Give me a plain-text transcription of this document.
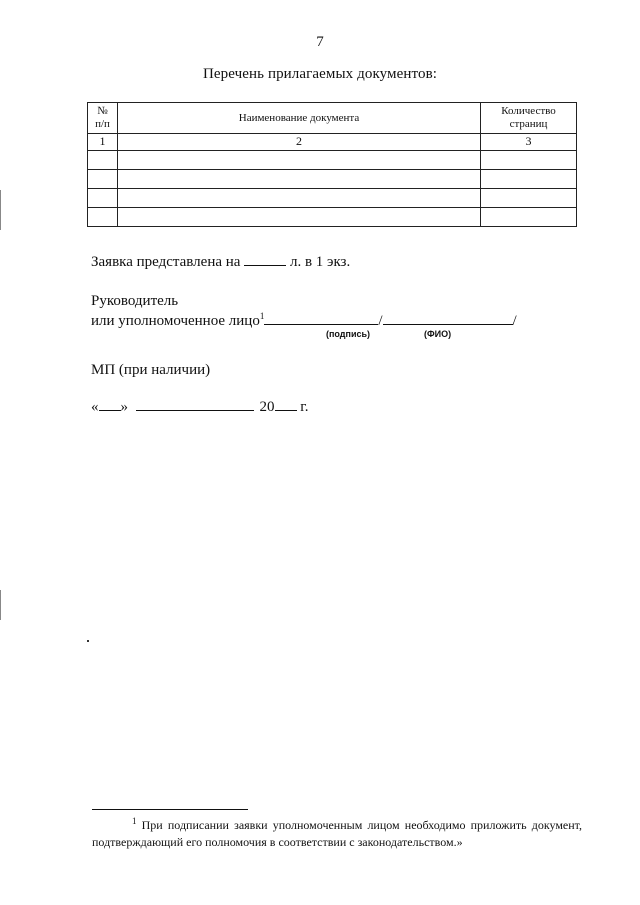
7
Перечень прилагаемых документов:
№ п/п	Наименование документа	Количество страниц
1	2	3

Заявка представлена на	л. в 1 экз.
Руководитель
или уполномоченное лицо$^1$	/	/
(подпись)	(ФИО)
МП (при наличии)
« »	20 г.
$^1$ При подписании заявки уполномоченным лицом необходимо приложить документ, подтверждающий его полномочия в соответствии с законодательством.»
